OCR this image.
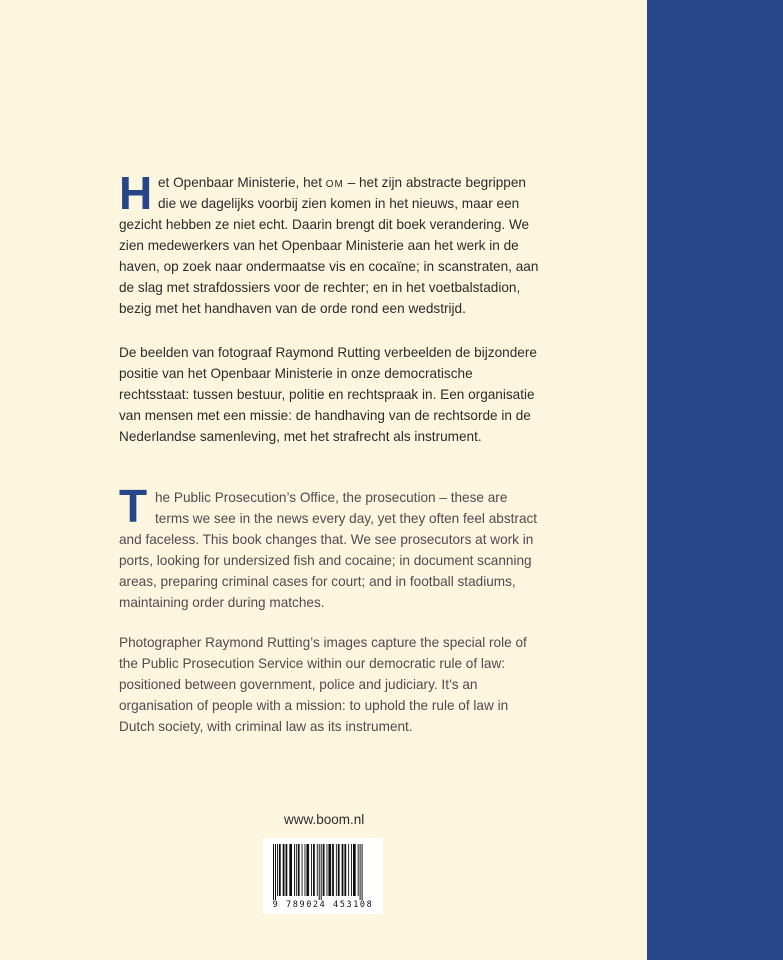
H et Openbaar Ministerie, het om – het zijn abstracte begrippen die we dagelijks voorbij zien komen in het nieuws, maar een gezicht hebben ze niet echt. Daarin brengt dit boek verandering. We zien medewerkers van het Openbaar Ministerie aan het werk in de haven, op zoek naar ondermaatse vis en cocaïne; in scanstraten, aan de slag met strafdossiers voor de rechter; en in het voetbalstadion, bezig met het handhaven van de orde rond een wedstrijd.

De beelden van fotograaf Raymond Rutting verbeelden de bijzondere positie van het Openbaar Ministerie in onze democratische rechtsstaat: tussen bestuur, politie en rechtspraak in. Een organisatie van mensen met een missie: de handhaving van de rechtsorde in de Nederlandse samenleving, met het strafrecht als instrument.

T he Public Prosecution’s Office, the prosecution – these are terms we see in the news every day, yet they often feel abstract and faceless. This book changes that. We see prosecutors at work in ports, looking for undersized fish and cocaine; in document scanning areas, preparing criminal cases for court; and in football stadiums, maintaining order during matches.

Photographer Raymond Rutting’s images capture the special role of the Public Prosecution Service within our democratic rule of law: positioned between government, police and judiciary. It’s an organisation of people with a mission: to uphold the rule of law in Dutch society, with criminal law as its instrument.

www.boom.nl
9 789024 453108
